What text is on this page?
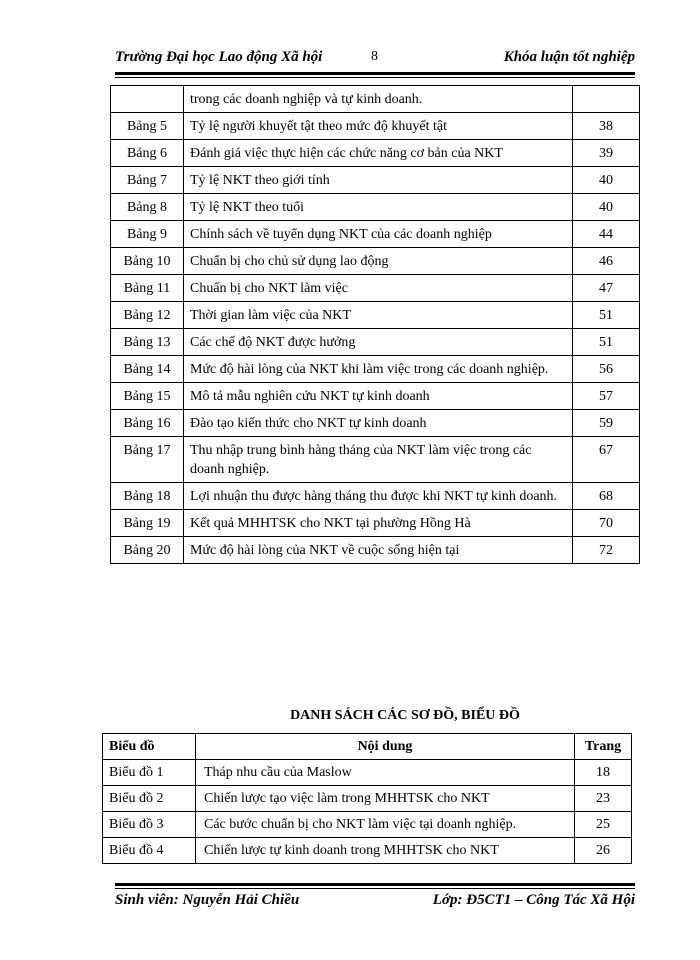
Trường Đại học Lao động Xã hội	8	Khóa luận tốt nghiệp
	trong các doanh nghiệp và tự kinh doanh.	
Bảng 5	Tỷ lệ người khuyết tật theo mức độ khuyết tật	38
Bảng 6	Đánh giá việc thực hiện các chức năng cơ bản của NKT	39
Bảng 7	Tỷ lệ NKT theo giới tính	40
Bảng 8	Tỷ lệ NKT theo tuổi	40
Bảng 9	Chính sách về tuyển dụng NKT của các doanh nghiệp	44
Bảng 10	Chuẩn bị cho chủ sử dụng lao động	46
Bảng 11	Chuẩn bị cho NKT làm việc	47
Bảng 12	Thời gian làm việc của NKT	51
Bảng 13	Các chế độ NKT được hưởng	51
Bảng 14	Mức độ hài lòng của NKT khi làm việc trong các doanh nghiệp.	56
Bảng 15	Mô tả mẫu nghiên cứu NKT tự kinh doanh	57
Bảng 16	Đào tạo kiến thức cho NKT tự kinh doanh	59
Bảng 17	Thu nhập trung bình hàng tháng của NKT làm việc trong các doanh nghiệp.	67
Bảng 18	Lợi nhuận thu được hàng tháng thu được khi NKT tự kinh doanh.	68
Bảng 19	Kết quả MHHTSK cho NKT tại phường Hồng Hà	70
Bảng 20	Mức độ hài lòng của NKT về cuộc sống hiện tại	72
DANH SÁCH CÁC SƠ ĐỒ, BIỂU ĐỒ
Biểu đồ	Nội dung	Trang
Biểu đồ 1	Tháp nhu cầu của Maslow	18
Biểu đồ 2	Chiến lược tạo việc làm trong MHHTSK cho NKT	23
Biểu đồ 3	Các bước chuẩn bị cho NKT làm việc tại doanh nghiệp.	25
Biểu đồ 4	Chiến lược tự kinh doanh trong MHHTSK cho NKT	26
Sinh viên: Nguyễn Hải Chiều	Lớp: Đ5CT1 – Công Tác Xã Hội
